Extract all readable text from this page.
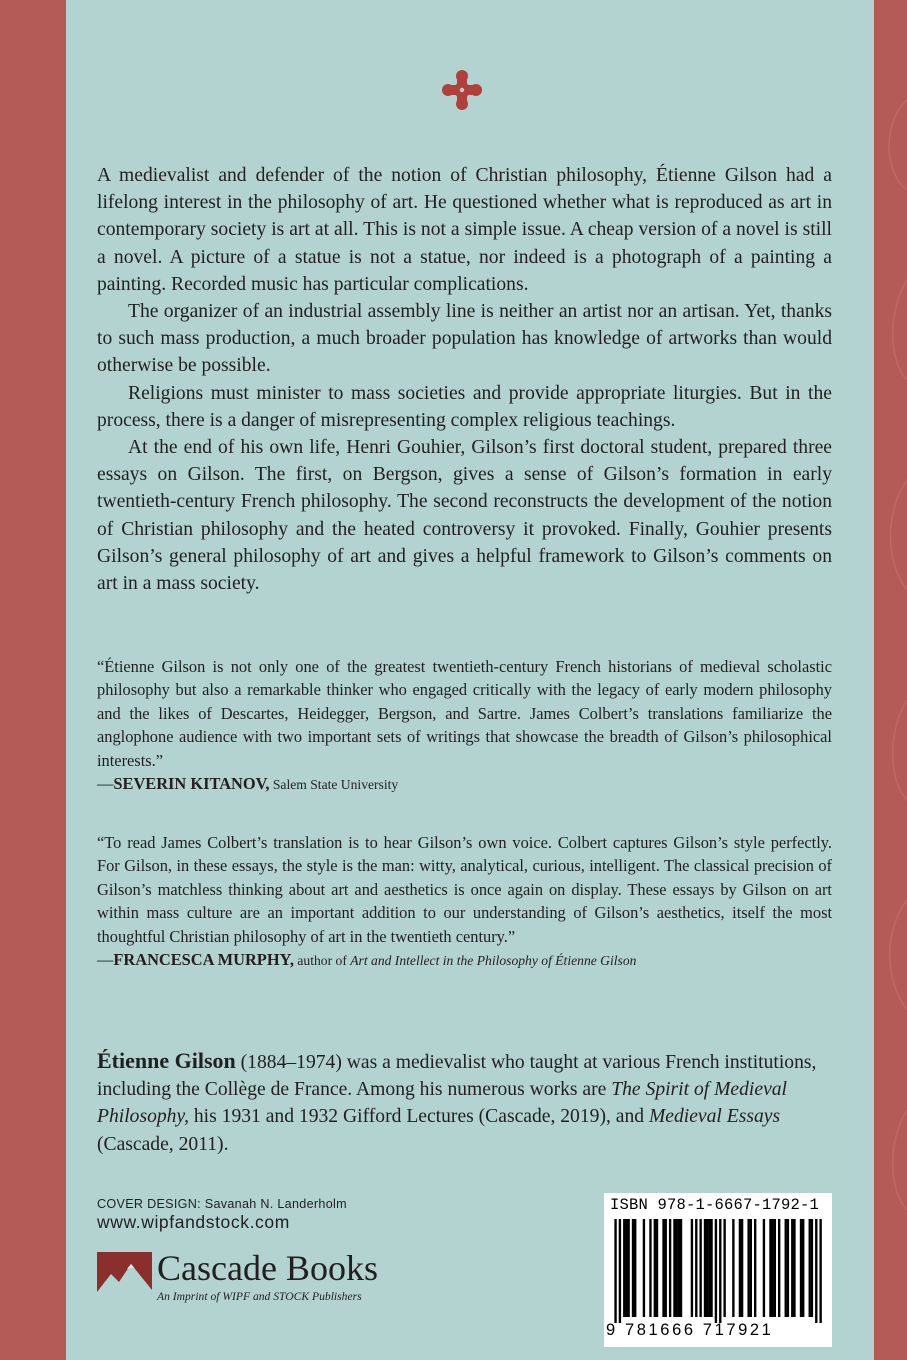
A medievalist and defender of the notion of Christian philosophy, Étienne Gilson had a lifelong interest in the philosophy of art. He questioned whether what is reproduced as art in contemporary society is art at all. This is not a simple issue. A cheap version of a novel is still a novel. A picture of a statue is not a statue, nor indeed is a photograph of a painting a painting. Recorded music has particular complications.

The organizer of an industrial assembly line is neither an artist nor an artisan. Yet, thanks to such mass production, a much broader population has knowledge of artworks than would otherwise be possible.

Religions must minister to mass societies and provide appropriate liturgies. But in the process, there is a danger of misrepresenting complex religious teachings.

At the end of his own life, Henri Gouhier, Gilson’s first doctoral student, prepared three essays on Gilson. The first, on Bergson, gives a sense of Gilson’s formation in early twentieth-century French philosophy. The second reconstructs the development of the notion of Christian philosophy and the heated controversy it provoked. Finally, Gouhier presents Gilson’s general philosophy of art and gives a helpful framework to Gilson’s comments on art in a mass society.

“Étienne Gilson is not only one of the greatest twentieth-century French historians of medieval scholastic philosophy but also a remarkable thinker who engaged critically with the legacy of early modern philosophy and the likes of Descartes, Heidegger, Bergson, and Sartre. James Colbert’s translations familiarize the anglophone audience with two important sets of writings that showcase the breadth of Gilson’s philosophical interests.”

—SEVERIN KITANOV, Salem State University

“To read James Colbert’s translation is to hear Gilson’s own voice. Colbert captures Gilson’s style perfectly. For Gilson, in these essays, the style is the man: witty, analytical, curious, intelligent. The classical precision of Gilson’s matchless thinking about art and aesthetics is once again on display. These essays by Gilson on art within mass culture are an important addition to our understanding of Gilson’s aesthetics, itself the most thoughtful Christian philosophy of art in the twentieth century.”

—FRANCESCA MURPHY, author of Art and Intellect in the Philosophy of Étienne Gilson
Étienne Gilson (1884–1974) was a medievalist who taught at various French institutions, including the Collège de France. Among his numerous works are The Spirit of Medieval Philosophy, his 1931 and 1932 Gifford Lectures (Cascade, 2019), and Medieval Essays (Cascade, 2011).
COVER DESIGN: Savanah N. Landerholm
www.wipfandstock.com
Cascade Books
An Imprint of WIPF and STOCK Publishers
ISBN 978-1-6667-1792-1
9 781666 717921
